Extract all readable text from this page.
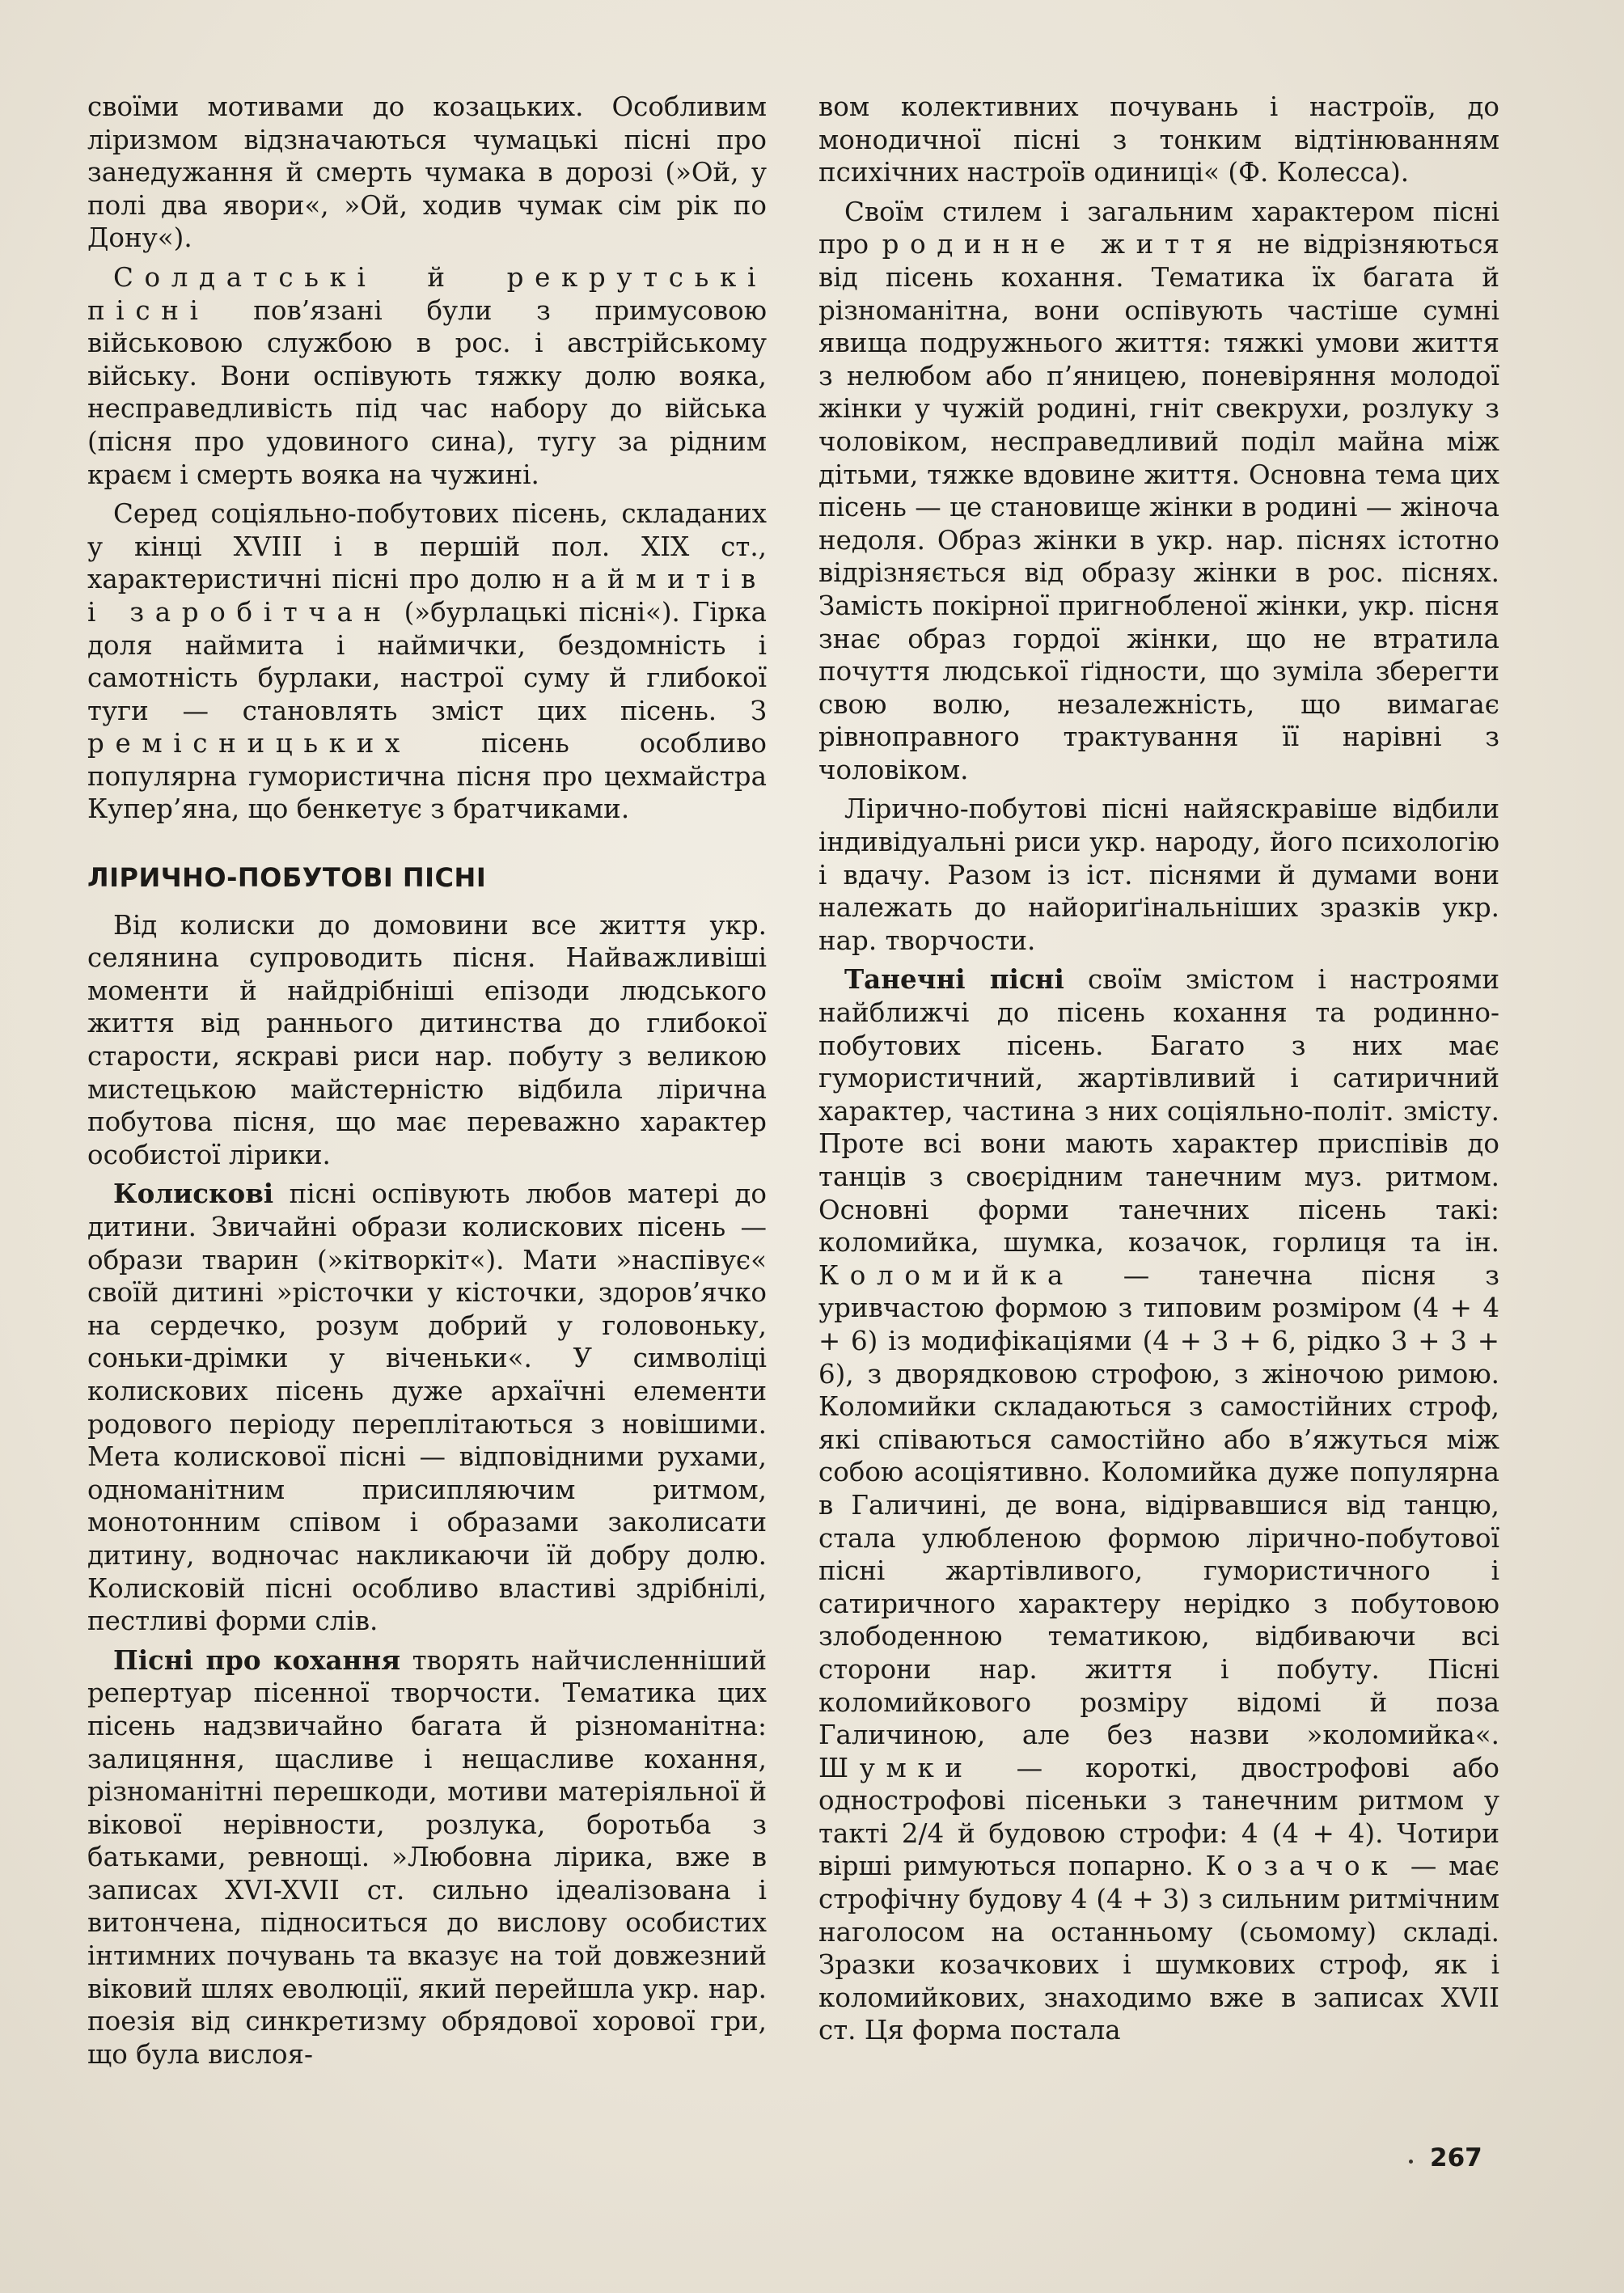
своїми мотивами до козацьких. Особливим ліризмом відзначаються чумацькі пісні про занедужання й смерть чумака в дорозі (»Ой, у полі два явори«, »Ой, ходив чумак сім рік по Дону«).

Солдатські й рекрутські пісні пов’язані були з примусовою військовою службою в рос. і австрійському війську. Вони оспівують тяжку долю вояка, несправедливість під час набору до війська (пісня про удовиного сина), тугу за рідним краєм і смерть вояка на чужині.

Серед соціяльно-побутових пісень, складаних у кінці XVIII і в першій пол. XIX ст., характеристичні пісні про долю наймитів і заробітчан (»бурлацькі пісні«). Гірка доля наймита і наймички, бездомність і самотність бурлаки, настрої суму й глибокої туги — становлять зміст цих пісень. З ремісницьких пісень особливо популярна гумористична пісня про цехмайстра Купер’яна, що бенкетує з братчиками.

ЛІРИЧНО-ПОБУТОВІ ПІСНІ

Від колиски до домовини все життя укр. селянина супроводить пісня. Найважливіші моменти й найдрібніші епізоди людського життя від раннього дитинства до глибокої старости, яскраві риси нар. побуту з великою мистецькою майстерністю відбила лірична побутова пісня, що має переважно характер особистої лірики.

Колискові пісні оспівують любов матері до дитини. Звичайні образи колискових пісень — образи тварин (»кітворкіт«). Мати »наспівує« своїй дитині »рісточки у кісточки, здоров’ячко на сердечко, розум добрий у головоньку, соньки-дрімки у віченьки«. У символіці колискових пісень дуже архаїчні елементи родового періоду переплітаються з новішими. Мета колискової пісні — відповідними рухами, одноманітним присипляючим ритмом, монотонним співом і образами заколисати дитину, водночас накликаючи їй добру долю. Колисковій пісні особливо властиві здрібнілі, пестливі форми слів.

Пісні про кохання творять найчисленніший репертуар пісенної творчости. Тематика цих пісень надзвичайно багата й різноманітна: залицяння, щасливе і нещасливе кохання, різноманітні перешкоди, мотиви матеріяльної й вікової нерівности, розлука, боротьба з батьками, ревнощі. »Любовна лірика, вже в записах XVI-XVII ст. сильно ідеалізована і витончена, підноситься до вислову особистих інтимних почувань та вказує на той довжезний віковий шлях еволюції, який перейшла укр. нар. поезія від синкретизму обрядової хорової гри, що була вислоя-

вом колективних почувань і настроїв, до монодичної пісні з тонким відтінюванням психічних настроїв одиниці« (Ф. Колесса).

Своїм стилем і загальним характером пісні про родинне життя не відрізняються від пісень кохання. Тематика їх багата й різноманітна, вони оспівують частіше сумні явища подружнього життя: тяжкі умови життя з нелюбом або п’яницею, поневіряння молодої жінки у чужій родині, гніт свекрухи, розлуку з чоловіком, несправедливий поділ майна між дітьми, тяжке вдовине життя. Основна тема цих пісень — це становище жінки в родині — жіноча недоля. Образ жінки в укр. нар. піснях істотно відрізняється від образу жінки в рос. піснях. Замість покірної пригнобленої жінки, укр. пісня знає образ гордої жінки, що не втратила почуття людської ґідности, що зуміла зберегти свою волю, незалежність, що вимагає рівноправного трактування її нарівні з чоловіком.

Лірично-побутові пісні найяскравіше відбили індивідуальні риси укр. народу, його психологію і вдачу. Разом із іст. піснями й думами вони належать до найориґінальніших зразків укр. нар. творчости.

Танечні пісні своїм змістом і настроями найближчі до пісень кохання та родинно-побутових пісень. Багато з них має гумористичний, жартівливий і сатиричний характер, частина з них соціяльно-політ. змісту. Проте всі вони мають характер приспівів до танців з своєрідним танечним муз. ритмом. Основні форми танечних пісень такі: коломийка, шумка, козачок, горлиця та ін. Коломийка — танечна пісня з уривчастою формою з типовим розміром (4 + 4 + 6) із модифікаціями (4 + 3 + 6, рідко 3 + 3 + 6), з дворядковою строфою, з жіночою римою. Коломийки складаються з самостійних строф, які співаються самостійно або в’яжуться між собою асоціятивно. Коломийка дуже популярна в Галичині, де вона, відірвавшися від танцю, стала улюбленою формою лірично-побутової пісні жартівливого, гумористичного і сатиричного характеру нерідко з побутовою злободенною тематикою, відбиваючи всі сторони нар. життя і побуту. Пісні коломийкового розміру відомі й поза Галичиною, але без назви »коломийка«. Шумки — короткі, двострофові або однострофові пісеньки з танечним ритмом у такті 2/4 й будовою строфи: 4 (4 + 4). Чотири вірші римуються попарно. Козачок — має строфічну будову 4 (4 + 3) з сильним ритмічним наголосом на останньому (сьомому) складі. Зразки козачкових і шумкових строф, як і коломийкових, знаходимо вже в записах XVII ст. Ця форма постала

267
